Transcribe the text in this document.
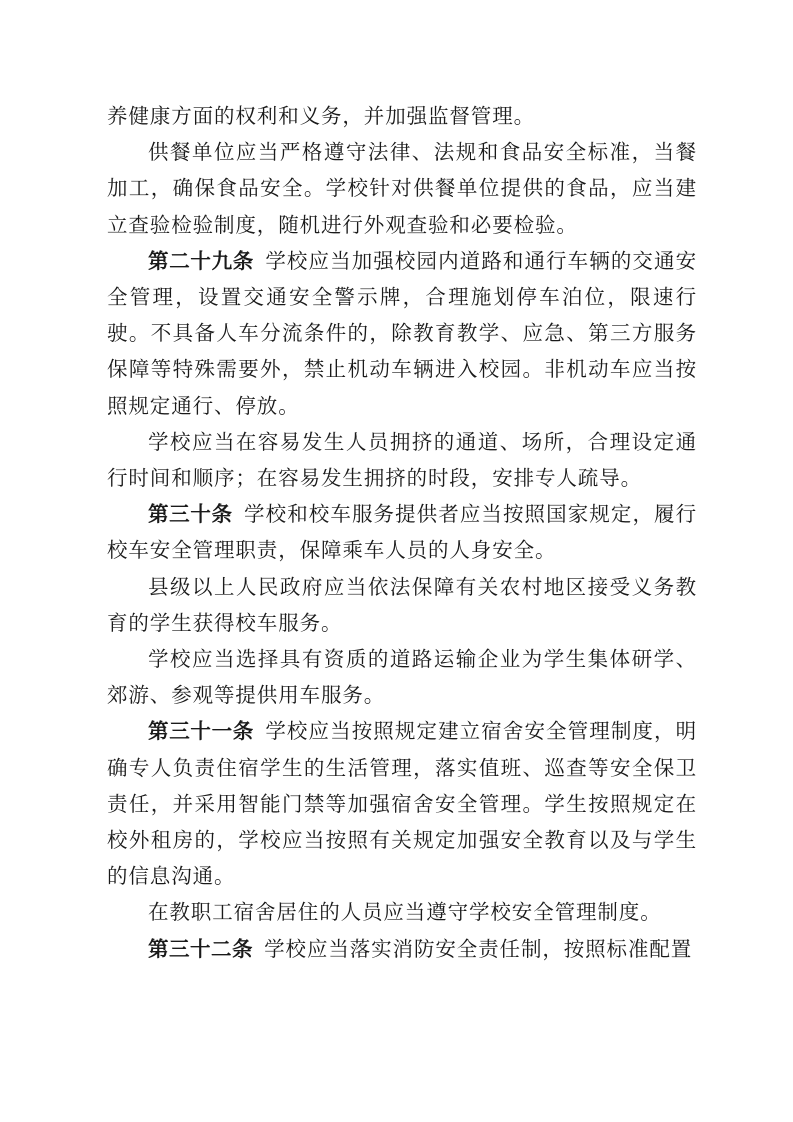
养健康方面的权利和义务，并加强监督管理。

供餐单位应当严格遵守法律、法规和食品安全标准，当餐加工，确保食品安全。学校针对供餐单位提供的食品，应当建立查验检验制度，随机进行外观查验和必要检验。

第二十九条  学校应当加强校园内道路和通行车辆的交通安全管理，设置交通安全警示牌，合理施划停车泊位，限速行驶。不具备人车分流条件的，除教育教学、应急、第三方服务保障等特殊需要外，禁止机动车辆进入校园。非机动车应当按照规定通行、停放。

学校应当在容易发生人员拥挤的通道、场所，合理设定通行时间和顺序；在容易发生拥挤的时段，安排专人疏导。

第三十条  学校和校车服务提供者应当按照国家规定，履行校车安全管理职责，保障乘车人员的人身安全。

县级以上人民政府应当依法保障有关农村地区接受义务教育的学生获得校车服务。

学校应当选择具有资质的道路运输企业为学生集体研学、郊游、参观等提供用车服务。

第三十一条  学校应当按照规定建立宿舍安全管理制度，明确专人负责住宿学生的生活管理，落实值班、巡查等安全保卫责任，并采用智能门禁等加强宿舍安全管理。学生按照规定在校外租房的，学校应当按照有关规定加强安全教育以及与学生的信息沟通。

在教职工宿舍居住的人员应当遵守学校安全管理制度。

第三十二条  学校应当落实消防安全责任制，按照标准配置
